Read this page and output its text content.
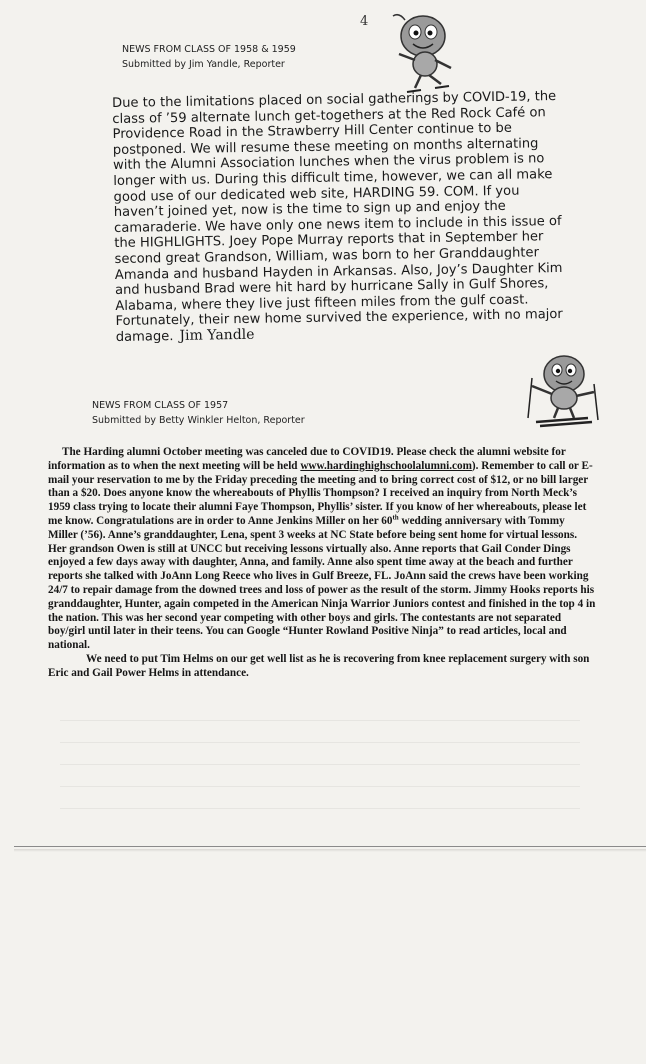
4
NEWS FROM CLASS OF 1958 & 1959
Submitted by Jim Yandle, Reporter

Due to the limitations placed on social gatherings by COVID-19, the class of ’59 alternate lunch get-togethers at the Red Rock Café on Providence Road in the Strawberry Hill Center continue to be postponed. We will resume these meeting on months alternating with the Alumni Association lunches when the virus problem is no longer with us. During this difficult time, however, we can all make good use of our dedicated web site, HARDING 59. COM. If you haven’t joined yet, now is the time to sign up and enjoy the camaraderie. We have only one news item to include in this issue of the HIGHLIGHTS. Joey Pope Murray reports that in September her second great Grandson, William, was born to her Granddaughter Amanda and husband Hayden in Arkansas. Also, Joy’s Daughter Kim and husband Brad were hit hard by hurricane Sally in Gulf Shores, Alabama, where they live just fifteen miles from the gulf coast. Fortunately, their new home survived the experience, with no major damage. Jim Yandle

NEWS FROM CLASS OF 1957
Submitted by Betty Winkler Helton, Reporter

The Harding alumni October meeting was canceled due to COVID19. Please check the alumni website for information as to when the next meeting will be held www.hardinghighschoolalumni.com). Remember to call or E-mail your reservation to me by the Friday preceding the meeting and to bring correct cost of $12, or no bill larger than a $20. Does anyone know the whereabouts of Phyllis Thompson? I received an inquiry from North Meck’s 1959 class trying to locate their alumni Faye Thompson, Phyllis’ sister. If you know of her whereabouts, please let me know. Congratulations are in order to Anne Jenkins Miller on her 60th wedding anniversary with Tommy Miller (’56). Anne’s granddaughter, Lena, spent 3 weeks at NC State before being sent home for virtual lessons. Her grandson Owen is still at UNCC but receiving lessons virtually also. Anne reports that Gail Conder Dings enjoyed a few days away with daughter, Anna, and family. Anne also spent time away at the beach and further reports she talked with JoAnn Long Reece who lives in Gulf Breeze, FL. JoAnn said the crews have been working 24/7 to repair damage from the downed trees and loss of power as the result of the storm. Jimmy Hooks reports his granddaughter, Hunter, again competed in the American Ninja Warrior Juniors contest and finished in the top 4 in the nation. This was her second year competing with other boys and girls. The contestants are not separated boy/girl until later in their teens. You can Google “Hunter Rowland Positive Ninja” to read articles, local and national.

We need to put Tim Helms on our get well list as he is recovering from knee replacement surgery with son Eric and Gail Power Helms in attendance.
